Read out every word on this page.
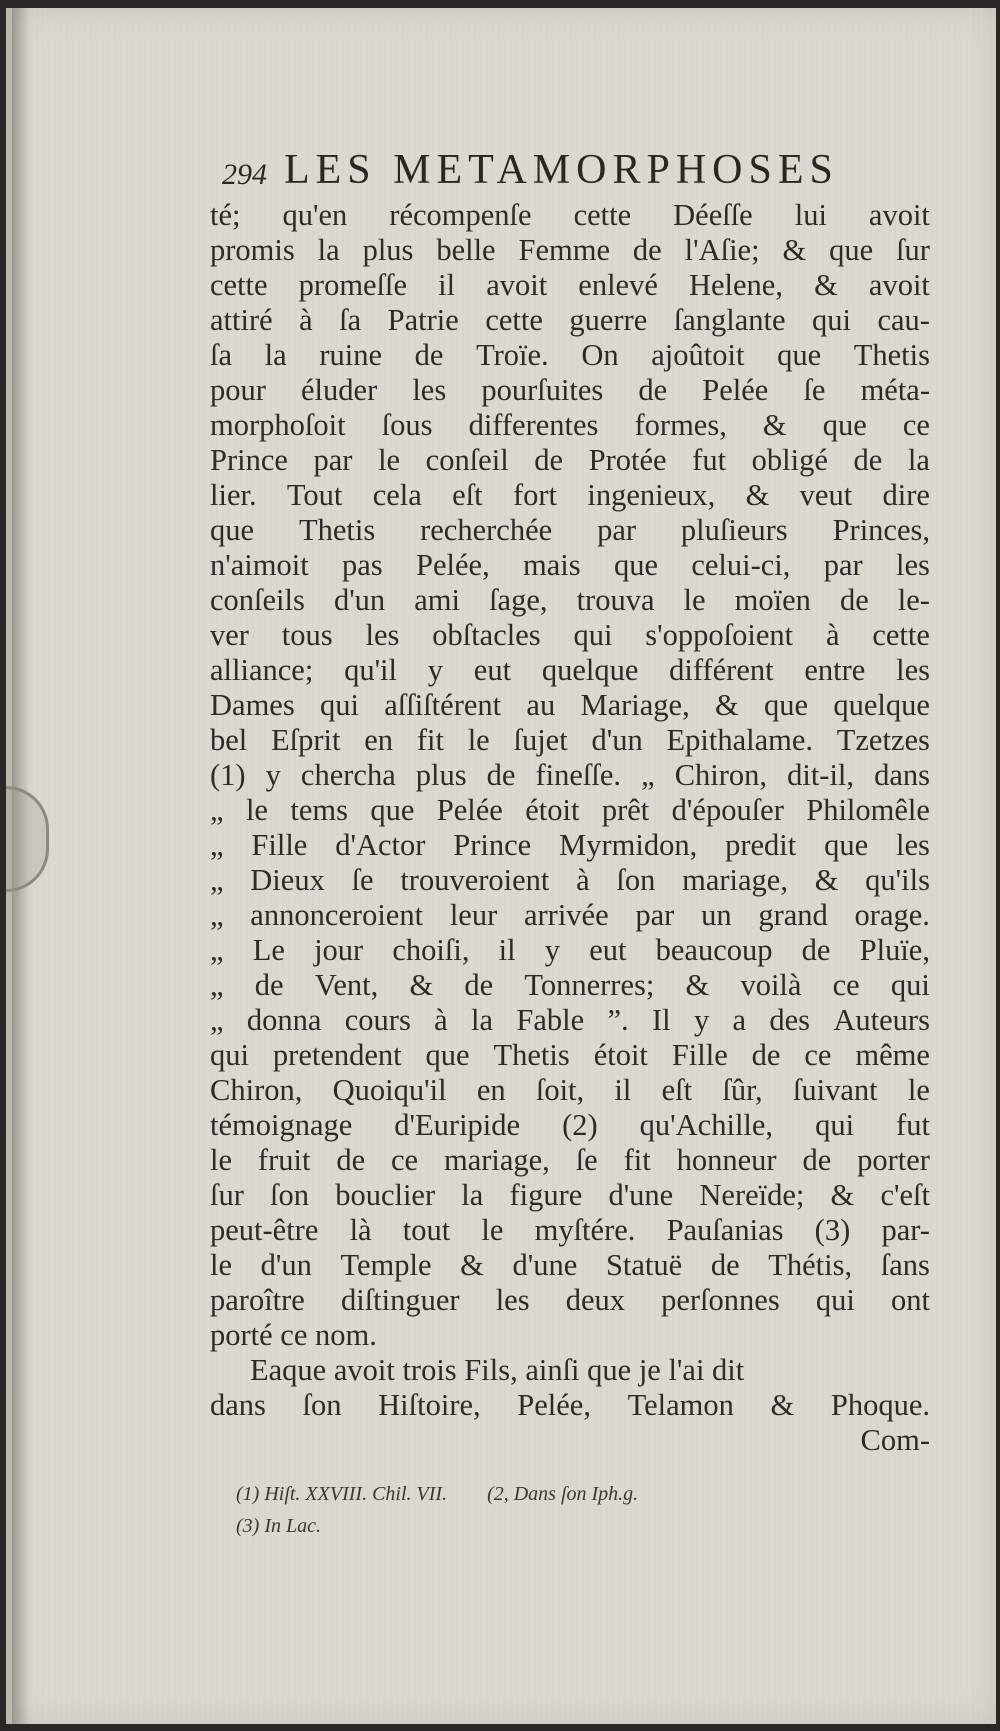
294 LES METAMORPHOSES
té; qu'en récompenſe cette Déeſſe lui avoit
promis la plus belle Femme de l'Aſie; & que ſur
cette promeſſe il avoit enlevé Helene, & avoit
attiré à ſa Patrie cette guerre ſanglante qui cau-
ſa la ruine de Troïe. On ajoûtoit que Thetis
pour éluder les pourſuites de Pelée ſe méta-
morphoſoit ſous differentes formes, & que ce
Prince par le conſeil de Protée fut obligé de la
lier. Tout cela eſt fort ingenieux, & veut dire
que Thetis recherchée par pluſieurs Princes,
n'aimoit pas Pelée, mais que celui-ci, par les
conſeils d'un ami ſage, trouva le moïen de le-
ver tous les obſtacles qui s'oppoſoient à cette
alliance; qu'il y eut quelque différent entre les
Dames qui aſſiſtérent au Mariage, & que quelque
bel Eſprit en fit le ſujet d'un Epithalame. Tzetzes
(1) y chercha plus de fineſſe. „ Chiron, dit-il, dans
„ le tems que Pelée étoit prêt d'épouſer Philomêle
„ Fille d'Actor Prince Myrmidon, predit que les
„ Dieux ſe trouveroient à ſon mariage, & qu'ils
„ annonceroient leur arrivée par un grand orage.
„ Le jour choiſi, il y eut beaucoup de Pluïe,
„ de Vent, & de Tonnerres; & voilà ce qui
„ donna cours à la Fable ”. Il y a des Auteurs
qui pretendent que Thetis étoit Fille de ce même
Chiron, Quoiqu'il en ſoit, il eſt ſûr, ſuivant le
témoignage d'Euripide (2) qu'Achille, qui fut
le fruit de ce mariage, ſe fit honneur de porter
ſur ſon bouclier la figure d'une Nereïde; & c'eſt
peut-être là tout le myſtére. Pauſanias (3) par-
le d'un Temple & d'une Statuë de Thétis, ſans
paroître diſtinguer les deux perſonnes qui ont
porté ce nom.
Eaque avoit trois Fils, ainſi que je l'ai dit
dans ſon Hiſtoire, Pelée, Telamon & Phoque.
Com-
(1) Hiſt. XXVIII. Chil. VII. (2, Dans ſon Iph.g.
(3) In Lac.
